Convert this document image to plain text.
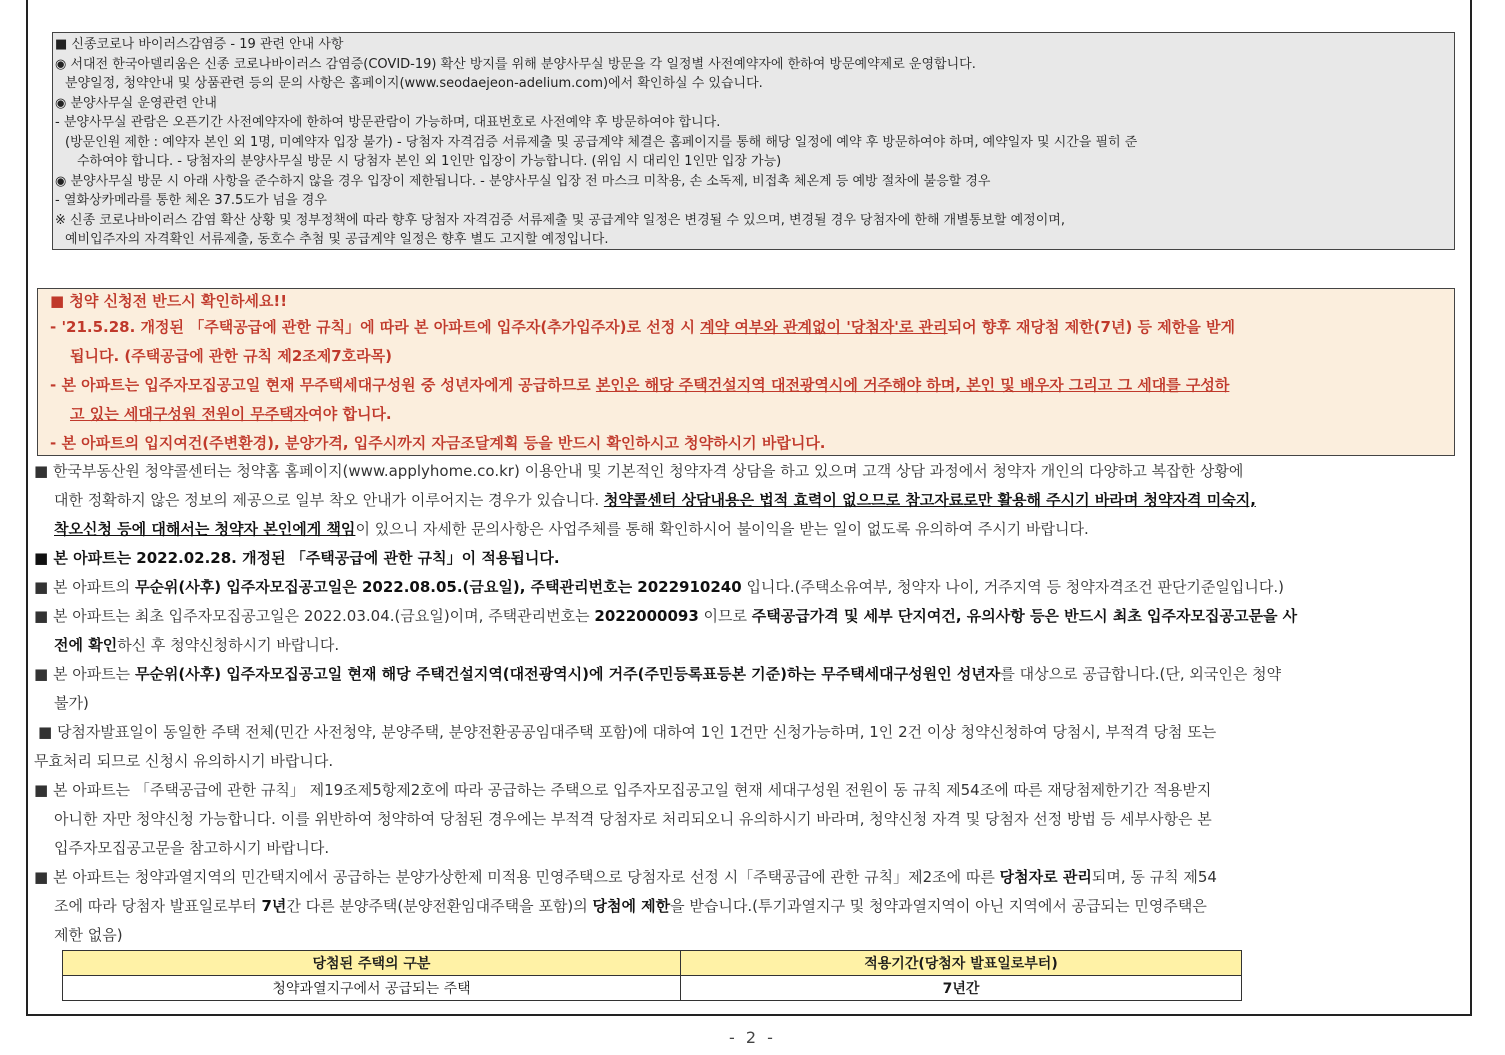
■ 신종코로나 바이러스감염증 - 19 관련 안내 사항
◉ 서대전 한국아델리움은 신종 코로나바이러스 감염증(COVID-19) 확산 방지를 위해 분양사무실 방문을 각 일정별 사전예약자에 한하여 방문예약제로 운영합니다.
분양일정, 청약안내 및 상품관련 등의 문의 사항은 홈페이지(www.seodaejeon-adelium.com)에서 확인하실 수 있습니다.
◉ 분양사무실 운영관련 안내
- 분양사무실 관람은 오픈기간 사전예약자에 한하여 방문관람이 가능하며, 대표번호로 사전예약 후 방문하여야 합니다.
(방문인원 제한 : 예약자 본인 외 1명, 미예약자 입장 불가) - 당첨자 자격검증 서류제출 및 공급계약 체결은 홈페이지를 통해 해당 일정에 예약 후 방문하여야 하며, 예약일자 및 시간을 필히 준
수하여야 합니다. - 당첨자의 분양사무실 방문 시 당첨자 본인 외 1인만 입장이 가능합니다. (위임 시 대리인 1인만 입장 가능)
◉ 분양사무실 방문 시 아래 사항을 준수하지 않을 경우 입장이 제한됩니다. - 분양사무실 입장 전 마스크 미착용, 손 소독제, 비접촉 체온계 등 예방 절차에 불응할 경우
- 열화상카메라를 통한 체온 37.5도가 넘을 경우
※ 신종 코로나바이러스 감염 확산 상황 및 정부정책에 따라 향후 당첨자 자격검증 서류제출 및 공급계약 일정은 변경될 수 있으며, 변경될 경우 당첨자에 한해 개별통보할 예정이며,
예비입주자의 자격확인 서류제출, 동호수 추첨 및 공급계약 일정은 향후 별도 고지할 예정입니다.
■ 청약 신청전 반드시 확인하세요!!
- '21.5.28. 개정된 「주택공급에 관한 규칙」에 따라 본 아파트에 입주자(추가입주자)로 선정 시 계약 여부와 관계없이 '당첨자'로 관리되어 향후 재당첨 제한(7년) 등 제한을 받게
됩니다. (주택공급에 관한 규칙 제2조제7호라목)
- 본 아파트는 입주자모집공고일 현재 무주택세대구성원 중 성년자에게 공급하므로 본인은 해당 주택건설지역 대전광역시에 거주해야 하며, 본인 및 배우자 그리고 그 세대를 구성하
고 있는 세대구성원 전원이 무주택자여야 합니다.
- 본 아파트의 입지여건(주변환경), 분양가격, 입주시까지 자금조달계획 등을 반드시 확인하시고 청약하시기 바랍니다.
■ 한국부동산원 청약콜센터는 청약홈 홈페이지(www.applyhome.co.kr) 이용안내 및 기본적인 청약자격 상담을 하고 있으며 고객 상담 과정에서 청약자 개인의 다양하고 복잡한 상황에
대한 정확하지 않은 정보의 제공으로 일부 착오 안내가 이루어지는 경우가 있습니다. 청약콜센터 상담내용은 법적 효력이 없으므로 참고자료로만 활용해 주시기 바라며 청약자격 미숙지,
착오신청 등에 대해서는 청약자 본인에게 책임이 있으니 자세한 문의사항은 사업주체를 통해 확인하시어 불이익을 받는 일이 없도록 유의하여 주시기 바랍니다.
■ 본 아파트는 2022.02.28. 개정된 「주택공급에 관한 규칙」이 적용됩니다.
■ 본 아파트의 무순위(사후) 입주자모집공고일은 2022.08.05.(금요일), 주택관리번호는 2022910240 입니다.(주택소유여부, 청약자 나이, 거주지역 등 청약자격조건 판단기준일입니다.)
■ 본 아파트는 최초 입주자모집공고일은 2022.03.04.(금요일)이며, 주택관리번호는 2022000093 이므로 주택공급가격 및 세부 단지여건, 유의사항 등은 반드시 최초 입주자모집공고문을 사
전에 확인하신 후 청약신청하시기 바랍니다.
■ 본 아파트는 무순위(사후) 입주자모집공고일 현재 해당 주택건설지역(대전광역시)에 거주(주민등록표등본 기준)하는 무주택세대구성원인 성년자를 대상으로 공급합니다.(단, 외국인은 청약
불가)
■ 당첨자발표일이 동일한 주택 전체(민간 사전청약, 분양주택, 분양전환공공임대주택 포함)에 대하여 1인 1건만 신청가능하며, 1인 2건 이상 청약신청하여 당첨시, 부적격 당첨 또는
무효처리 되므로 신청시 유의하시기 바랍니다.
■ 본 아파트는 「주택공급에 관한 규칙」 제19조제5항제2호에 따라 공급하는 주택으로 입주자모집공고일 현재 세대구성원 전원이 동 규칙 제54조에 따른 재당첨제한기간 적용받지
아니한 자만 청약신청 가능합니다. 이를 위반하여 청약하여 당첨된 경우에는 부적격 당첨자로 처리되오니 유의하시기 바라며, 청약신청 자격 및 당첨자 선정 방법 등 세부사항은 본
입주자모집공고문을 참고하시기 바랍니다.
■ 본 아파트는 청약과열지역의 민간택지에서 공급하는 분양가상한제 미적용 민영주택으로 당첨자로 선정 시「주택공급에 관한 규칙」제2조에 따른 당첨자로 관리되며, 동 규칙 제54
조에 따라 당첨자 발표일로부터 7년간 다른 분양주택(분양전환임대주택을 포함)의 당첨에 제한을 받습니다.(투기과열지구 및 청약과열지역이 아닌 지역에서 공급되는 민영주택은
제한 없음)
당첨된 주택의 구분	적용기간(당첨자 발표일로부터)
청약과열지구에서 공급되는 주택	7년간
- 2 -
